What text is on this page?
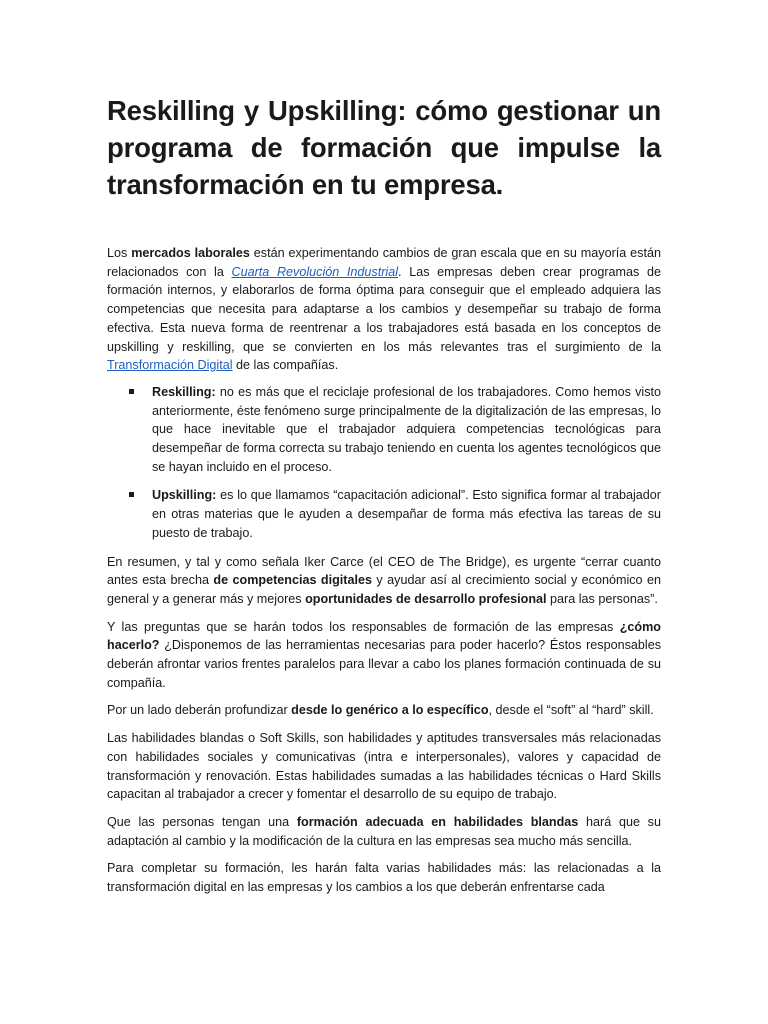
Reskilling y Upskilling: cómo gestionar un programa de formación que impulse la transformación en tu empresa.

Los mercados laborales están experimentando cambios de gran escala que en su mayoría están relacionados con la Cuarta Revolución Industrial. Las empresas deben crear programas de formación internos, y elaborarlos de forma óptima para conseguir que el empleado adquiera las competencias que necesita para adaptarse a los cambios y desempeñar su trabajo de forma efectiva. Esta nueva forma de reentrenar a los trabajadores está basada en los conceptos de upskilling y reskilling, que se convierten en los más relevantes tras el surgimiento de la Transformación Digital de las compañías.

Reskilling: no es más que el reciclaje profesional de los trabajadores. Como hemos visto anteriormente, éste fenómeno surge principalmente de la digitalización de las empresas, lo que hace inevitable que el trabajador adquiera competencias tecnológicas para desempeñar de forma correcta su trabajo teniendo en cuenta los agentes tecnológicos que se hayan incluido en el proceso.
Upskilling: es lo que llamamos “capacitación adicional”. Esto significa formar al trabajador en otras materias que le ayuden a desempañar de forma más efectiva las tareas de su puesto de trabajo.

En resumen, y tal y como señala Iker Carce (el CEO de The Bridge), es urgente “cerrar cuanto antes esta brecha de competencias digitales y ayudar así al crecimiento social y económico en general y a generar más y mejores oportunidades de desarrollo profesional para las personas”.

Y las preguntas que se harán todos los responsables de formación de las empresas ¿cómo hacerlo? ¿Disponemos de las herramientas necesarias para poder hacerlo? Éstos responsables deberán afrontar varios frentes paralelos para llevar a cabo los planes formación continuada de su compañía.

Por un lado deberán profundizar desde lo genérico a lo específico, desde el “soft” al “hard” skill.

Las habilidades blandas o Soft Skills, son habilidades y aptitudes transversales más relacionadas con habilidades sociales y comunicativas (intra e interpersonales), valores y capacidad de transformación y renovación. Estas habilidades sumadas a las habilidades técnicas o Hard Skills capacitan al trabajador a crecer y fomentar el desarrollo de su equipo de trabajo.

Que las personas tengan una formación adecuada en habilidades blandas hará que su adaptación al cambio y la modificación de la cultura en las empresas sea mucho más sencilla.

Para completar su formación, les harán falta varias habilidades más: las relacionadas a la transformación digital en las empresas y los cambios a los que deberán enfrentarse cada
